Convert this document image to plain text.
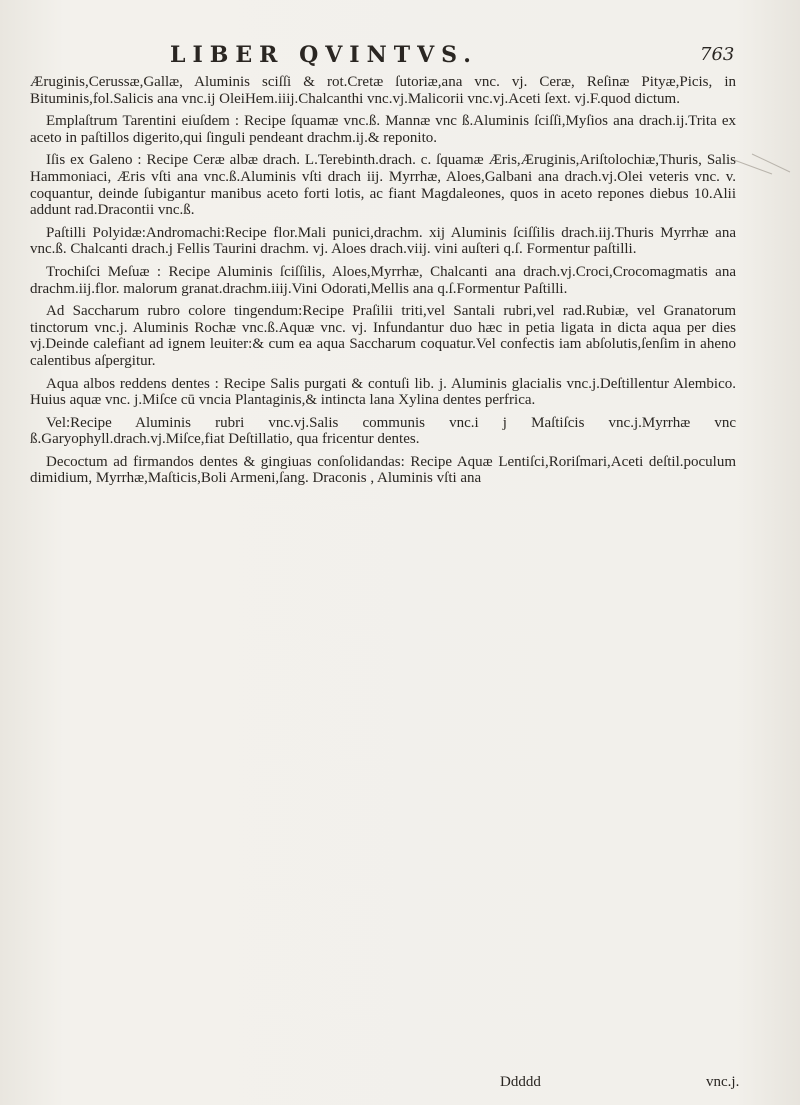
LIBER QVINTVS.	763

Æruginis,Cerussæ,Gallæ, Aluminis sciſſi & rot.Cretæ ſutoriæ,ana vnc. vj. Ceræ, Reſinæ Pityæ,Picis, in Bituminis,fol.Salicis ana vnc.ij OleiHem.iiij.Chalcanthi vnc.vj.Malicorii vnc.vj.Aceti ſext. vj.F.quod dictum.

Emplaſtrum Tarentini eiuſdem : Recipe ſquamæ vnc.ß. Mannæ vnc ß.Aluminis ſciſſi,Myſios ana drach.ij.Trita ex aceto in paſtillos digerito,qui ſinguli pendeant drachm.ij.& reponito.

Iſis ex Galeno : Recipe Ceræ albæ drach. L.Terebinth.drach. c. ſquamæ Æris,Æruginis,Ariſtolochiæ,Thuris, Salis Hammoniaci, Æris vſti ana vnc.ß.Aluminis vſti drach iij. Myrrhæ, Aloes,Galbani ana drach.vj.Olei veteris vnc. v. coquantur, deinde ſubigantur manibus aceto forti lotis, ac fiant Magdaleones, quos in aceto repones diebus 10.Alii addunt rad.Dracontii vnc.ß.

Paſtilli Polyidæ:Andromachi:Recipe flor.Mali punici,drachm. xij Aluminis ſciſſilis drach.iij.Thuris Myrrhæ ana vnc.ß. Chalcanti drach.j Fellis Taurini drachm. vj. Aloes drach.viij. vini auſteri q.ſ. Formentur paſtilli.

Trochiſci Meſuæ : Recipe Aluminis ſciſſilis, Aloes,Myrrhæ, Chalcanti ana drach.vj.Croci,Crocomagmatis ana drachm.iij.flor. malorum granat.drachm.iiij.Vini Odorati,Mellis ana q.ſ.Formentur Paſtilli.

Ad Saccharum rubro colore tingendum:Recipe Praſilii triti,vel Santali rubri,vel rad.Rubiæ, vel Granatorum tinctorum vnc.j. Aluminis Rochæ vnc.ß.Aquæ vnc. vj. Infundantur duo hæc in petia ligata in dicta aqua per dies vj.Deinde calefiant ad ignem leuiter:& cum ea aqua Saccharum coquatur.Vel confectis iam abſolutis,ſenſim in aheno calentibus aſpergitur.

Aqua albos reddens dentes : Recipe Salis purgati & contuſi lib. j. Aluminis glacialis vnc.j.Deſtillentur Alembico. Huius aquæ vnc. j.Miſce cū vncia Plantaginis,& intincta lana Xylina dentes perfrica.

Vel:Recipe Aluminis rubri vnc.vj.Salis communis vnc.i j Maſtiſcis vnc.j.Myrrhæ vnc ß.Garyophyll.drach.vj.Miſce,fiat Deſtillatio, qua fricentur dentes.

Decoctum ad firmandos dentes & gingiuas conſolidandas: Recipe Aquæ Lentiſci,Roriſmari,Aceti deſtil.poculum dimidium, Myrrhæ,Maſticis,Boli Armeni,ſang. Draconis , Aluminis vſti ana

Ddddd	vnc.j.
